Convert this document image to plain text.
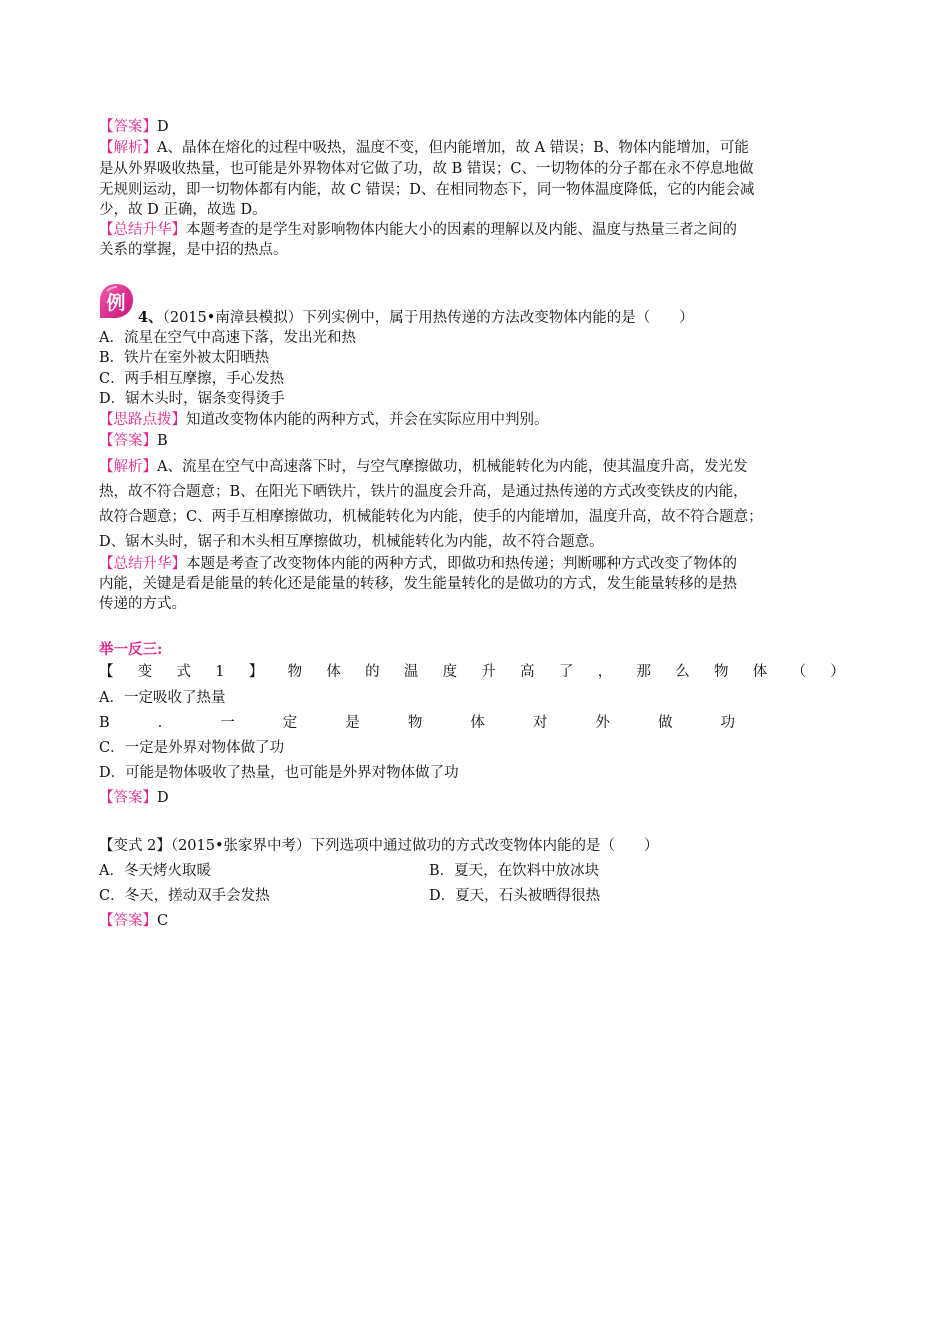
【答案】D
【解析】A、晶体在熔化的过程中吸热，温度不变，但内能增加，故 A 错误；B、物体内能增加，可能
是从外界吸收热量，也可能是外界物体对它做了功，故 B 错误；C、一切物体的分子都在永不停息地做
无规则运动，即一切物体都有内能，故 C 错误；D、在相同物态下，同一物体温度降低，它的内能会减
少，故 D 正确，故选 D。
【总结升华】本题考查的是学生对影响物体内能大小的因素的理解以及内能、温度与热量三者之间的
关系的掌握，是中招的热点。
例
4、（2015•南漳县模拟）下列实例中，属于用热传递的方法改变物体内能的是（　　）
A．流星在空气中高速下落，发出光和热
B．铁片在室外被太阳晒热
C．两手相互摩擦，手心发热
D．锯木头时，锯条变得烫手
【思路点拨】知道改变物体内能的两种方式，并会在实际应用中判别。
【答案】B
【解析】A、流星在空气中高速落下时，与空气摩擦做功，机械能转化为内能，使其温度升高，发光发
热，故不符合题意；B、在阳光下晒铁片，铁片的温度会升高，是通过热传递的方式改变铁皮的内能，
故符合题意；C、两手互相摩擦做功，机械能转化为内能，使手的内能增加，温度升高，故不符合题意；
D、锯木头时，锯子和木头相互摩擦做功，机械能转化为内能，故不符合题意。
【总结升华】本题是考查了改变物体内能的两种方式，即做功和热传递；判断哪种方式改变了物体的
内能，关键是看是能量的转化还是能量的转移，发生能量转化的是做功的方式，发生能量转移的是热
传递的方式。
举一反三:
【 变 式 1 】 物 体 的 温 度 升 高 了 ， 那 么 物 体 （ ）
A．一定吸收了热量
B	．	一	定	是	物	体	对	外	做	功
C．一定是外界对物体做了功
D．可能是物体吸收了热量，也可能是外界对物体做了功
【答案】D
【变式 2】（2015•张家界中考）下列选项中通过做功的方式改变物体内能的是（　　）
A．冬天烤火取暖	B．夏天，在饮料中放冰块
C．冬天，搓动双手会发热	D．夏天，石头被晒得很热
【答案】C
